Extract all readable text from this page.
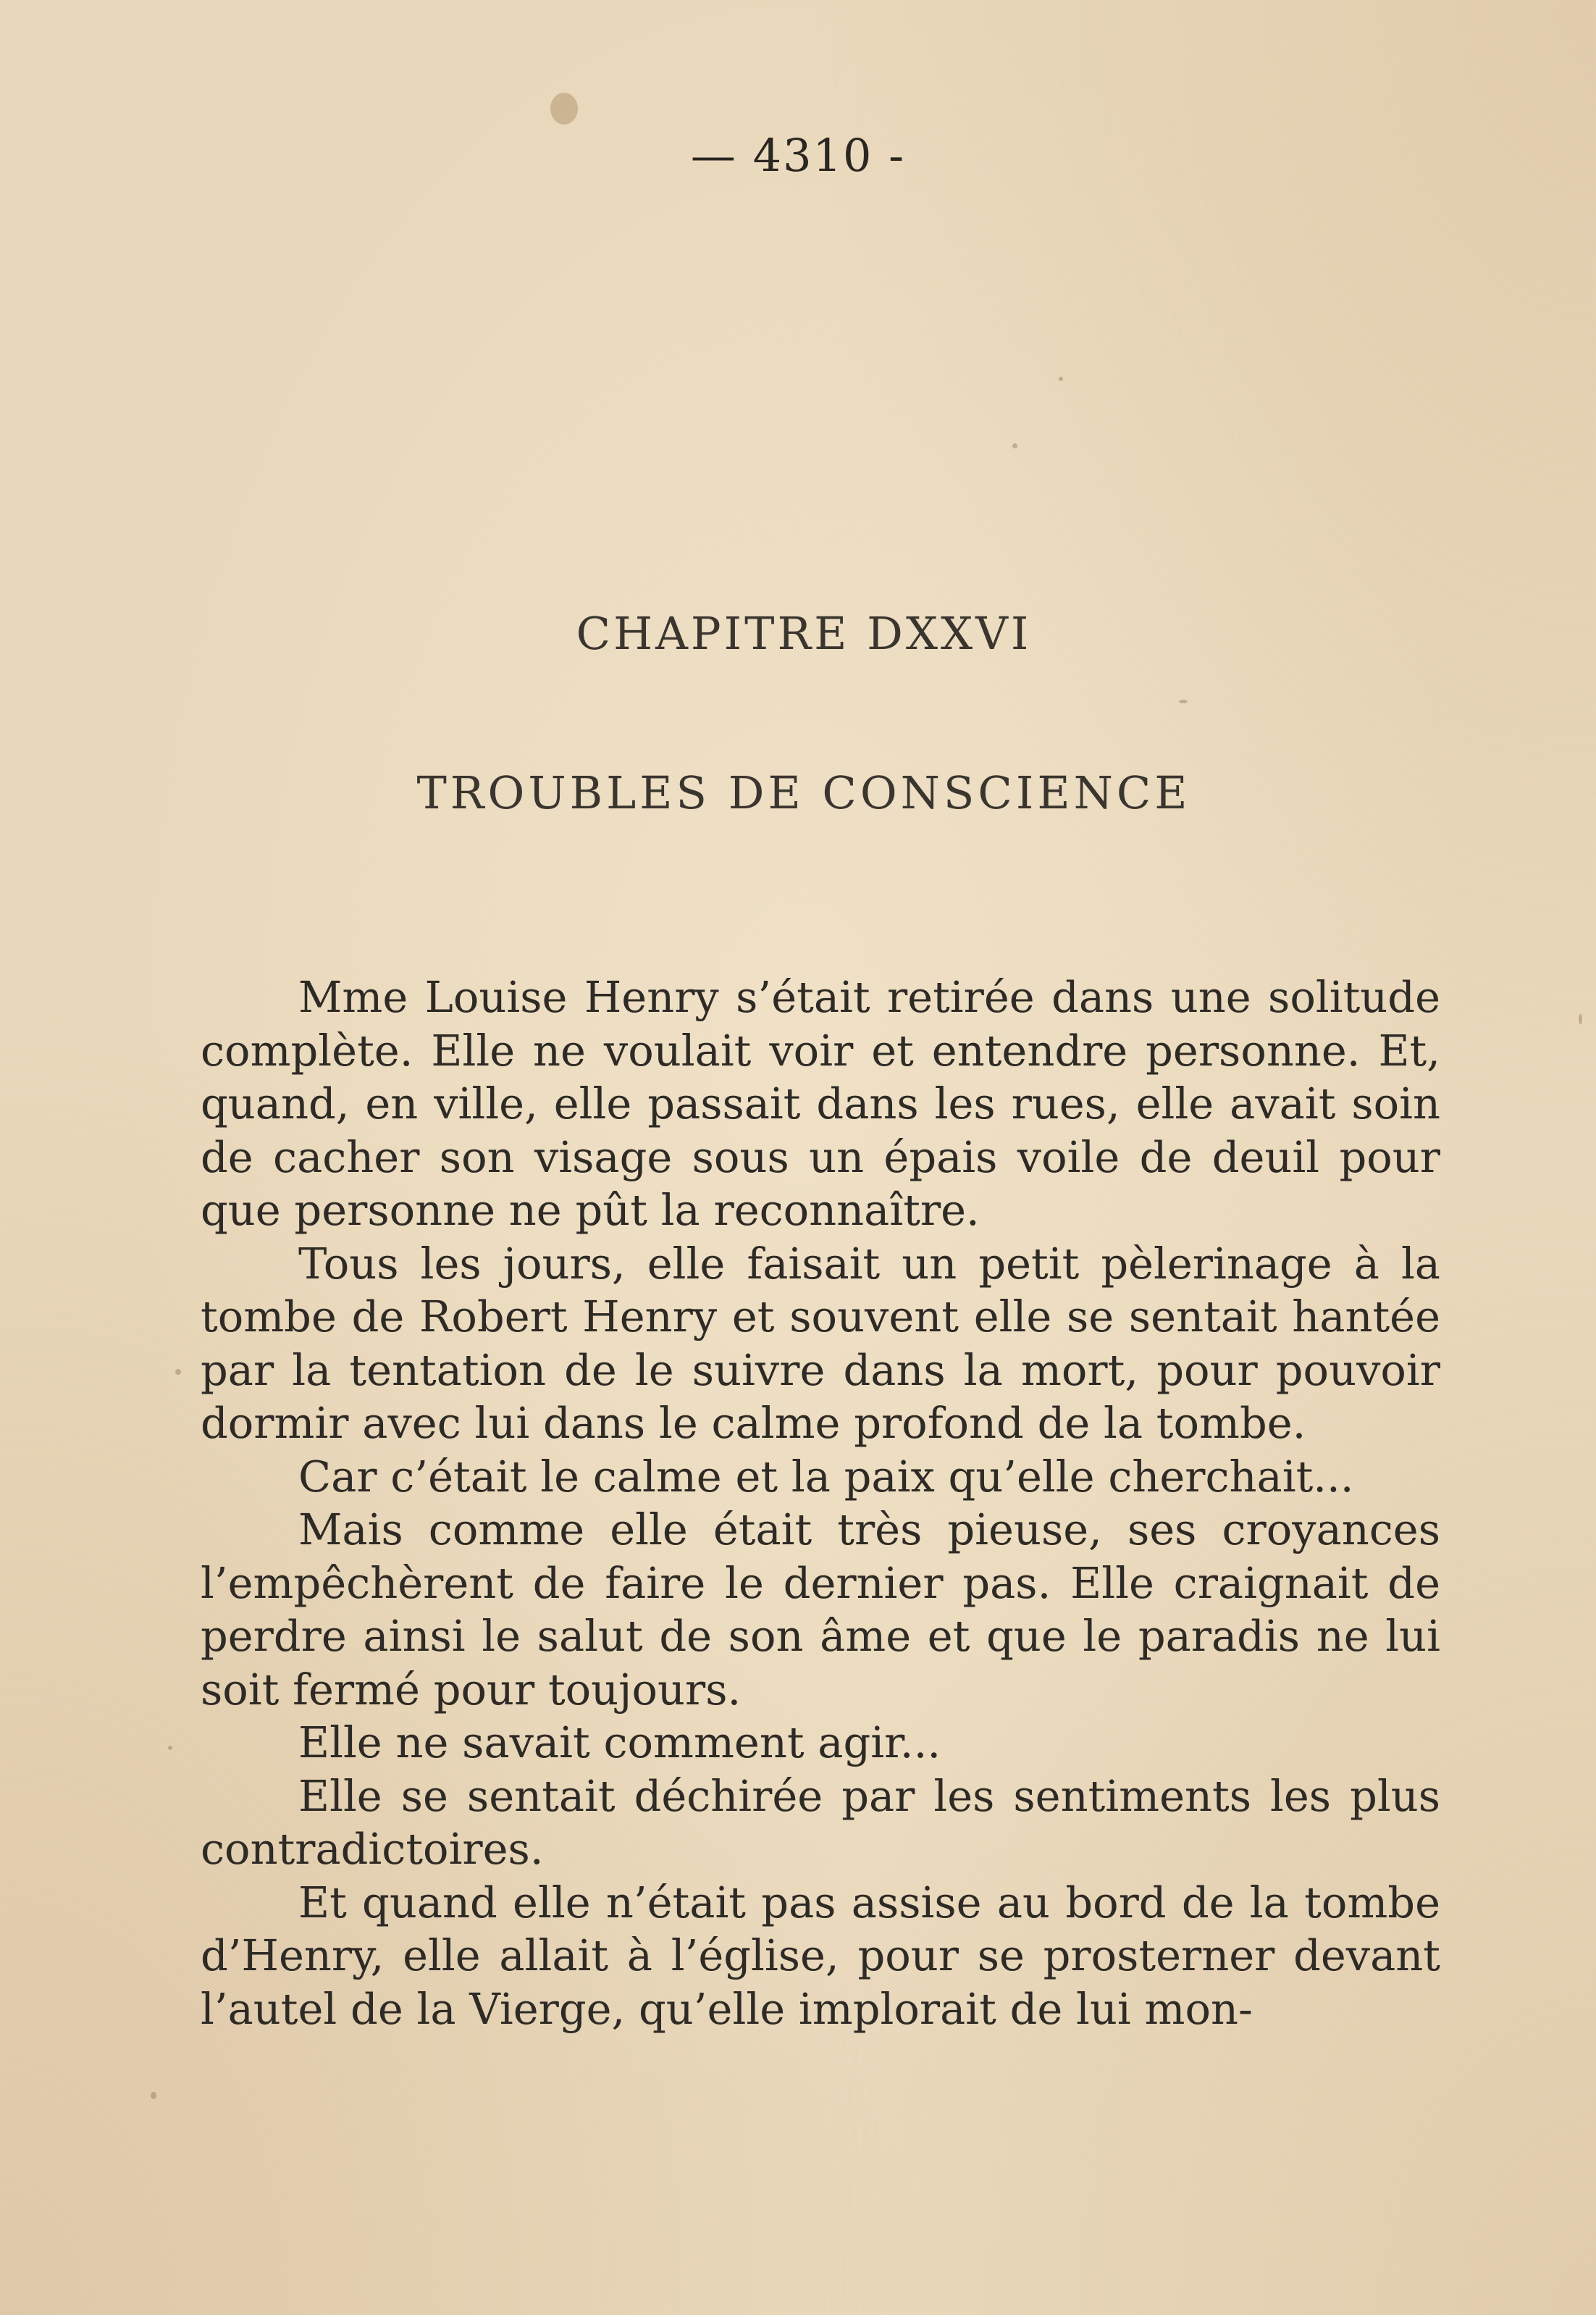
— 4310 -
CHAPITRE DXXVI
TROUBLES DE CONSCIENCE

Mme Louise Henry s’était retirée dans une solitude complète. Elle ne voulait voir et entendre personne. Et, quand, en ville, elle passait dans les rues, elle avait soin de cacher son visage sous un épais voile de deuil pour que personne ne pût la reconnaître.

Tous les jours, elle faisait un petit pèlerinage à la tombe de Robert Henry et souvent elle se sentait hantée par la tentation de le suivre dans la mort, pour pouvoir dormir avec lui dans le calme profond de la tombe.

Car c’était le calme et la paix qu’elle cherchait...

Mais comme elle était très pieuse, ses croyances l’empêchèrent de faire le dernier pas. Elle craignait de perdre ainsi le salut de son âme et que le paradis ne lui soit fermé pour toujours.

Elle ne savait comment agir...

Elle se sentait déchirée par les sentiments les plus contradictoires.

Et quand elle n’était pas assise au bord de la tombe d’Henry, elle allait à l’église, pour se prosterner devant l’autel de la Vierge, qu’elle implorait de lui mon-
